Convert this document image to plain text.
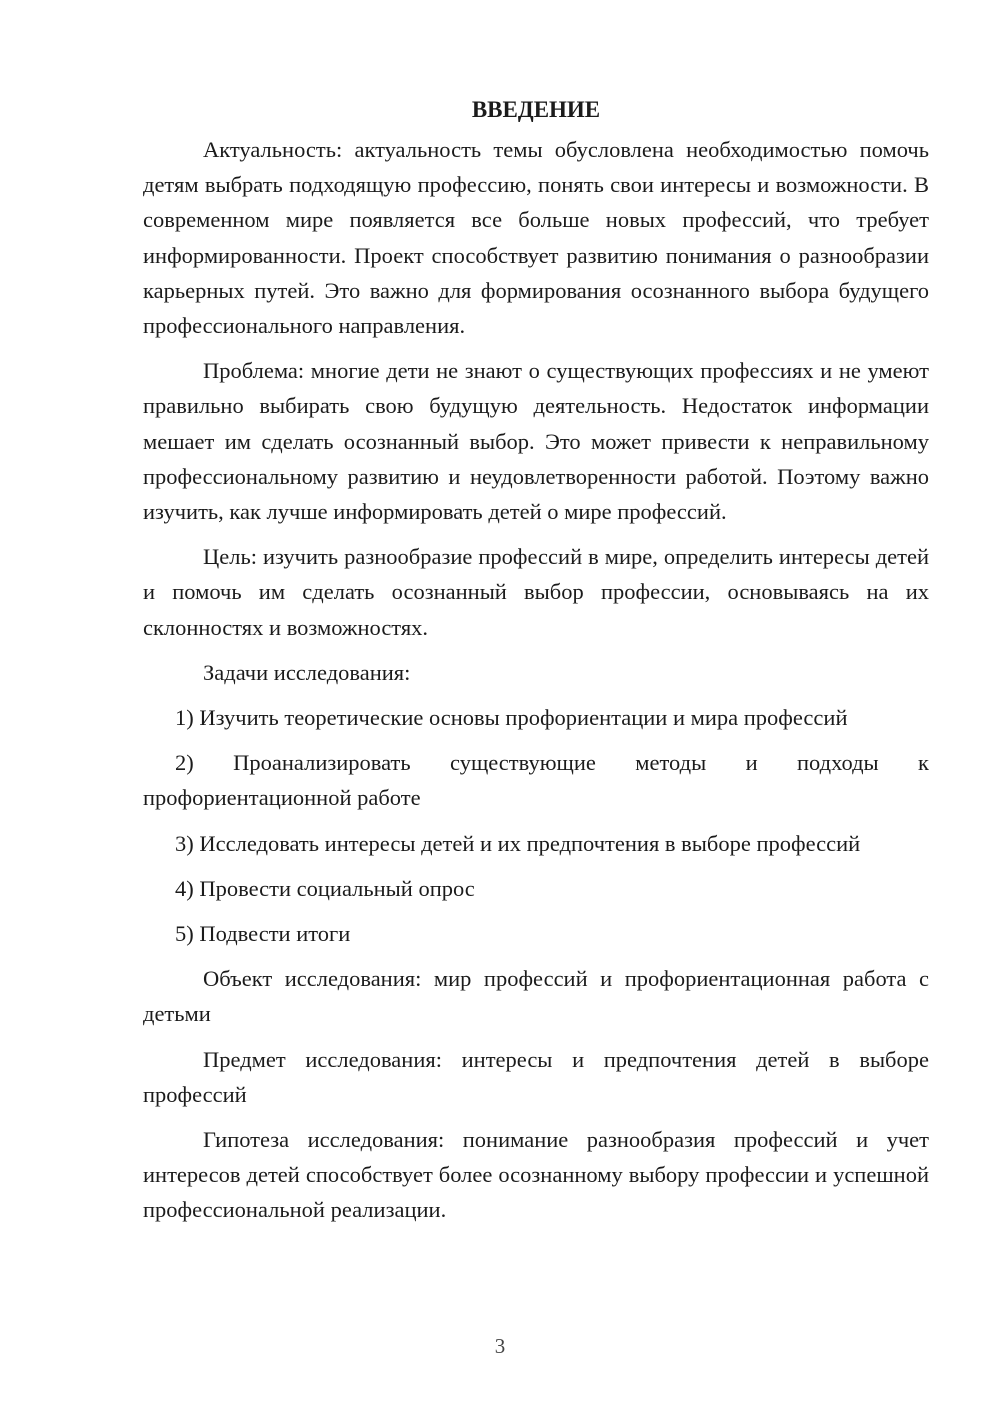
ВВЕДЕНИЕ

Актуальность: актуальность темы обусловлена необходимостью помочь детям выбрать подходящую профессию, понять свои интересы и возможности. В современном мире появляется все больше новых профессий, что требует информированности. Проект способствует развитию понимания о разнообразии карьерных путей. Это важно для формирования осознанного выбора будущего профессионального направления.

Проблема: многие дети не знают о существующих профессиях и не умеют правильно выбирать свою будущую деятельность. Недостаток информации мешает им сделать осознанный выбор. Это может привести к неправильному профессиональному развитию и неудовлетворенности работой. Поэтому важно изучить, как лучше информировать детей о мире профессий.

Цель: изучить разнообразие профессий в мире, определить интересы детей и помочь им сделать осознанный выбор профессии, основываясь на их склонностях и возможностях.

Задачи исследования:

1) Изучить теоретические основы профориентации и мира профессий

2) Проанализировать существующие методы и подходы к профориентационной работе

3) Исследовать интересы детей и их предпочтения в выборе профессий

4) Провести социальный опрос

5) Подвести итоги

Объект исследования: мир профессий и профориентационная работа с детьми

Предмет исследования: интересы и предпочтения детей в выборе профессий

Гипотеза исследования: понимание разнообразия профессий и учет интересов детей способствует более осознанному выбору профессии и успешной профессиональной реализации.

3
